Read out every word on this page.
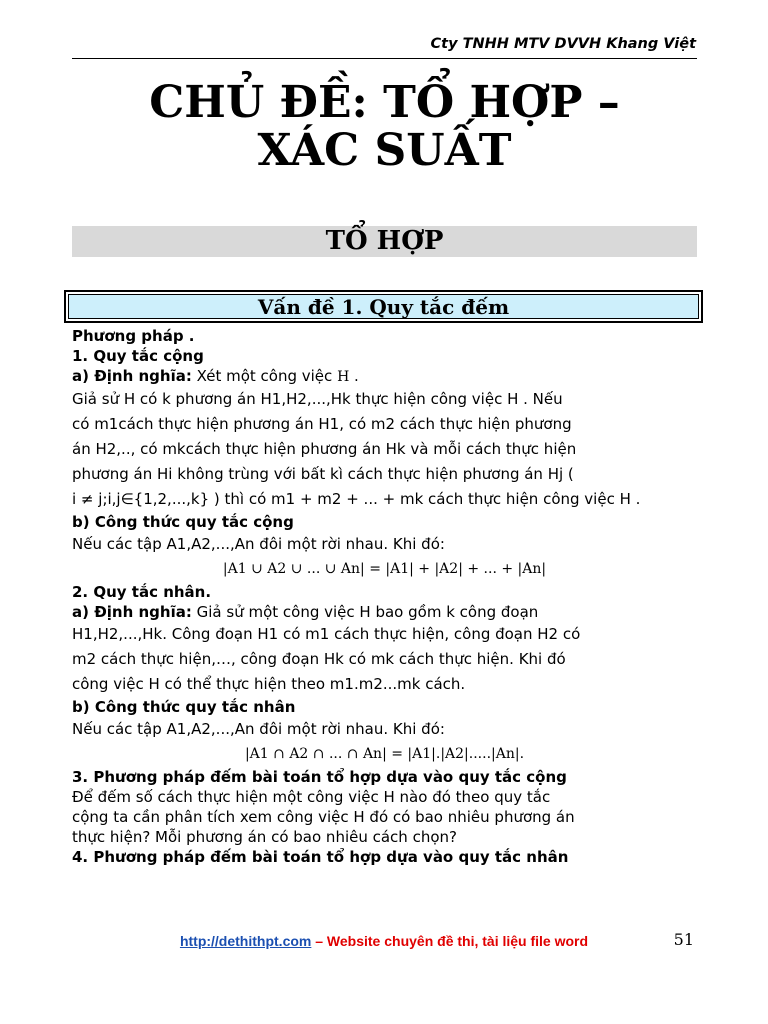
Cty TNHH MTV DVVH Khang Việt
CHỦ ĐỀ: TỔ HỢP –
XÁC SUẤT
TỔ HỢP
Vấn đề 1. Quy tắc đếm
Phương pháp .
1. Quy tắc cộng
a) Định nghĩa: Xét một công việc H .
Giả sử H có k phương án H1,H2,...,Hk thực hiện công việc H . Nếu
có m1cách thực hiện phương án H1, có m2 cách thực hiện phương
án H2,.., có mkcách thực hiện phương án Hk và mỗi cách thực hiện
phương án Hi không trùng với bất kì cách thực hiện phương án Hj (
i ≠ j;i,j∈{1,2,...,k} ) thì có m1 + m2 + ... + mk cách thực hiện công việc H .
b) Công thức quy tắc cộng
Nếu các tập A1,A2,...,An đôi một rời nhau. Khi đó:
|A1 ∪ A2 ∪ ... ∪ An| = |A1| + |A2| + ... + |An|
2. Quy tắc nhân.
a) Định nghĩa: Giả sử một công việc H bao gồm k công đoạn
H1,H2,...,Hk. Công đoạn H1 có m1 cách thực hiện, công đoạn H2 có
m2 cách thực hiện,…, công đoạn Hk có mk cách thực hiện. Khi đó
công việc H có thể thực hiện theo m1.m2...mk cách.
b) Công thức quy tắc nhân
Nếu các tập A1,A2,...,An đôi một rời nhau. Khi đó:
|A1 ∩ A2 ∩ ... ∩ An| = |A1|.|A2|.....|An|.
3. Phương pháp đếm bài toán tổ hợp dựa vào quy tắc cộng
Để đếm số cách thực hiện một công việc H nào đó theo quy tắc
cộng ta cần phân tích xem công việc H đó có bao nhiêu phương án
thực hiện? Mỗi phương án có bao nhiêu cách chọn?
4. Phương pháp đếm bài toán tổ hợp dựa vào quy tắc nhân
http://dethithpt.com – Website chuyên đề thi, tài liệu file word	51
